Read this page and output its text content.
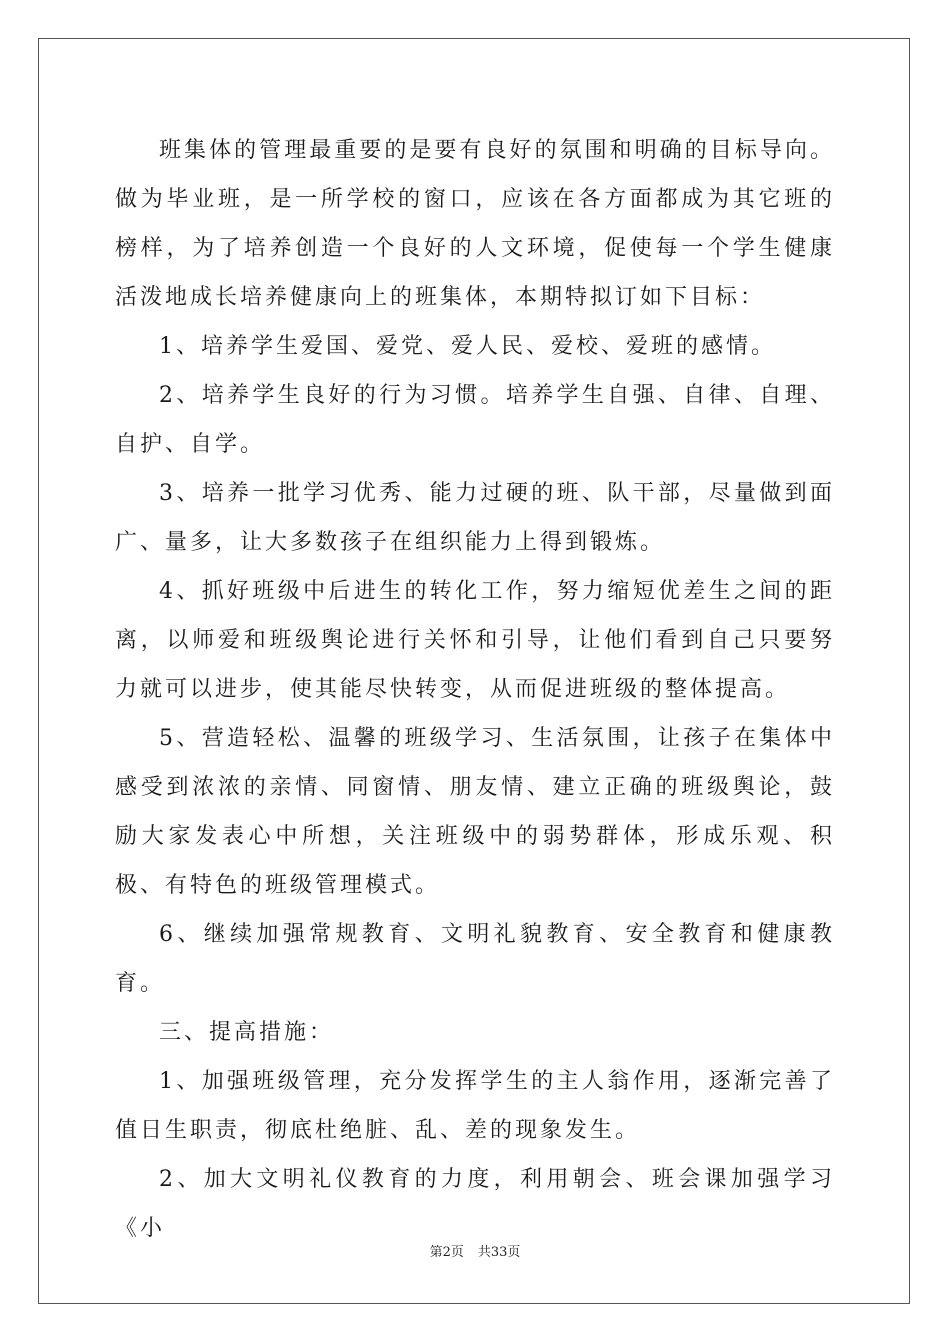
班集体的管理最重要的是要有良好的氛围和明确的目标导向。做为毕业班，是一所学校的窗口，应该在各方面都成为其它班的榜样，为了培养创造一个良好的人文环境，促使每一个学生健康活泼地成长培养健康向上的班集体，本期特拟订如下目标：

1、培养学生爱国、爱党、爱人民、爱校、爱班的感情。

2、培养学生良好的行为习惯。培养学生自强、自律、自理、自护、自学。

3、培养一批学习优秀、能力过硬的班、队干部，尽量做到面广、量多，让大多数孩子在组织能力上得到锻炼。

4、抓好班级中后进生的转化工作，努力缩短优差生之间的距离，以师爱和班级舆论进行关怀和引导，让他们看到自己只要努力就可以进步，使其能尽快转变，从而促进班级的整体提高。

5、营造轻松、温馨的班级学习、生活氛围，让孩子在集体中感受到浓浓的亲情、同窗情、朋友情、建立正确的班级舆论，鼓励大家发表心中所想，关注班级中的弱势群体，形成乐观、积极、有特色的班级管理模式。

6、继续加强常规教育、文明礼貌教育、安全教育和健康教育。

三、提高措施：

1、加强班级管理，充分发挥学生的主人翁作用，逐渐完善了值日生职责，彻底杜绝脏、乱、差的现象发生。

2、加大文明礼仪教育的力度，利用朝会、班会课加强学习《小

第2页 共33页
